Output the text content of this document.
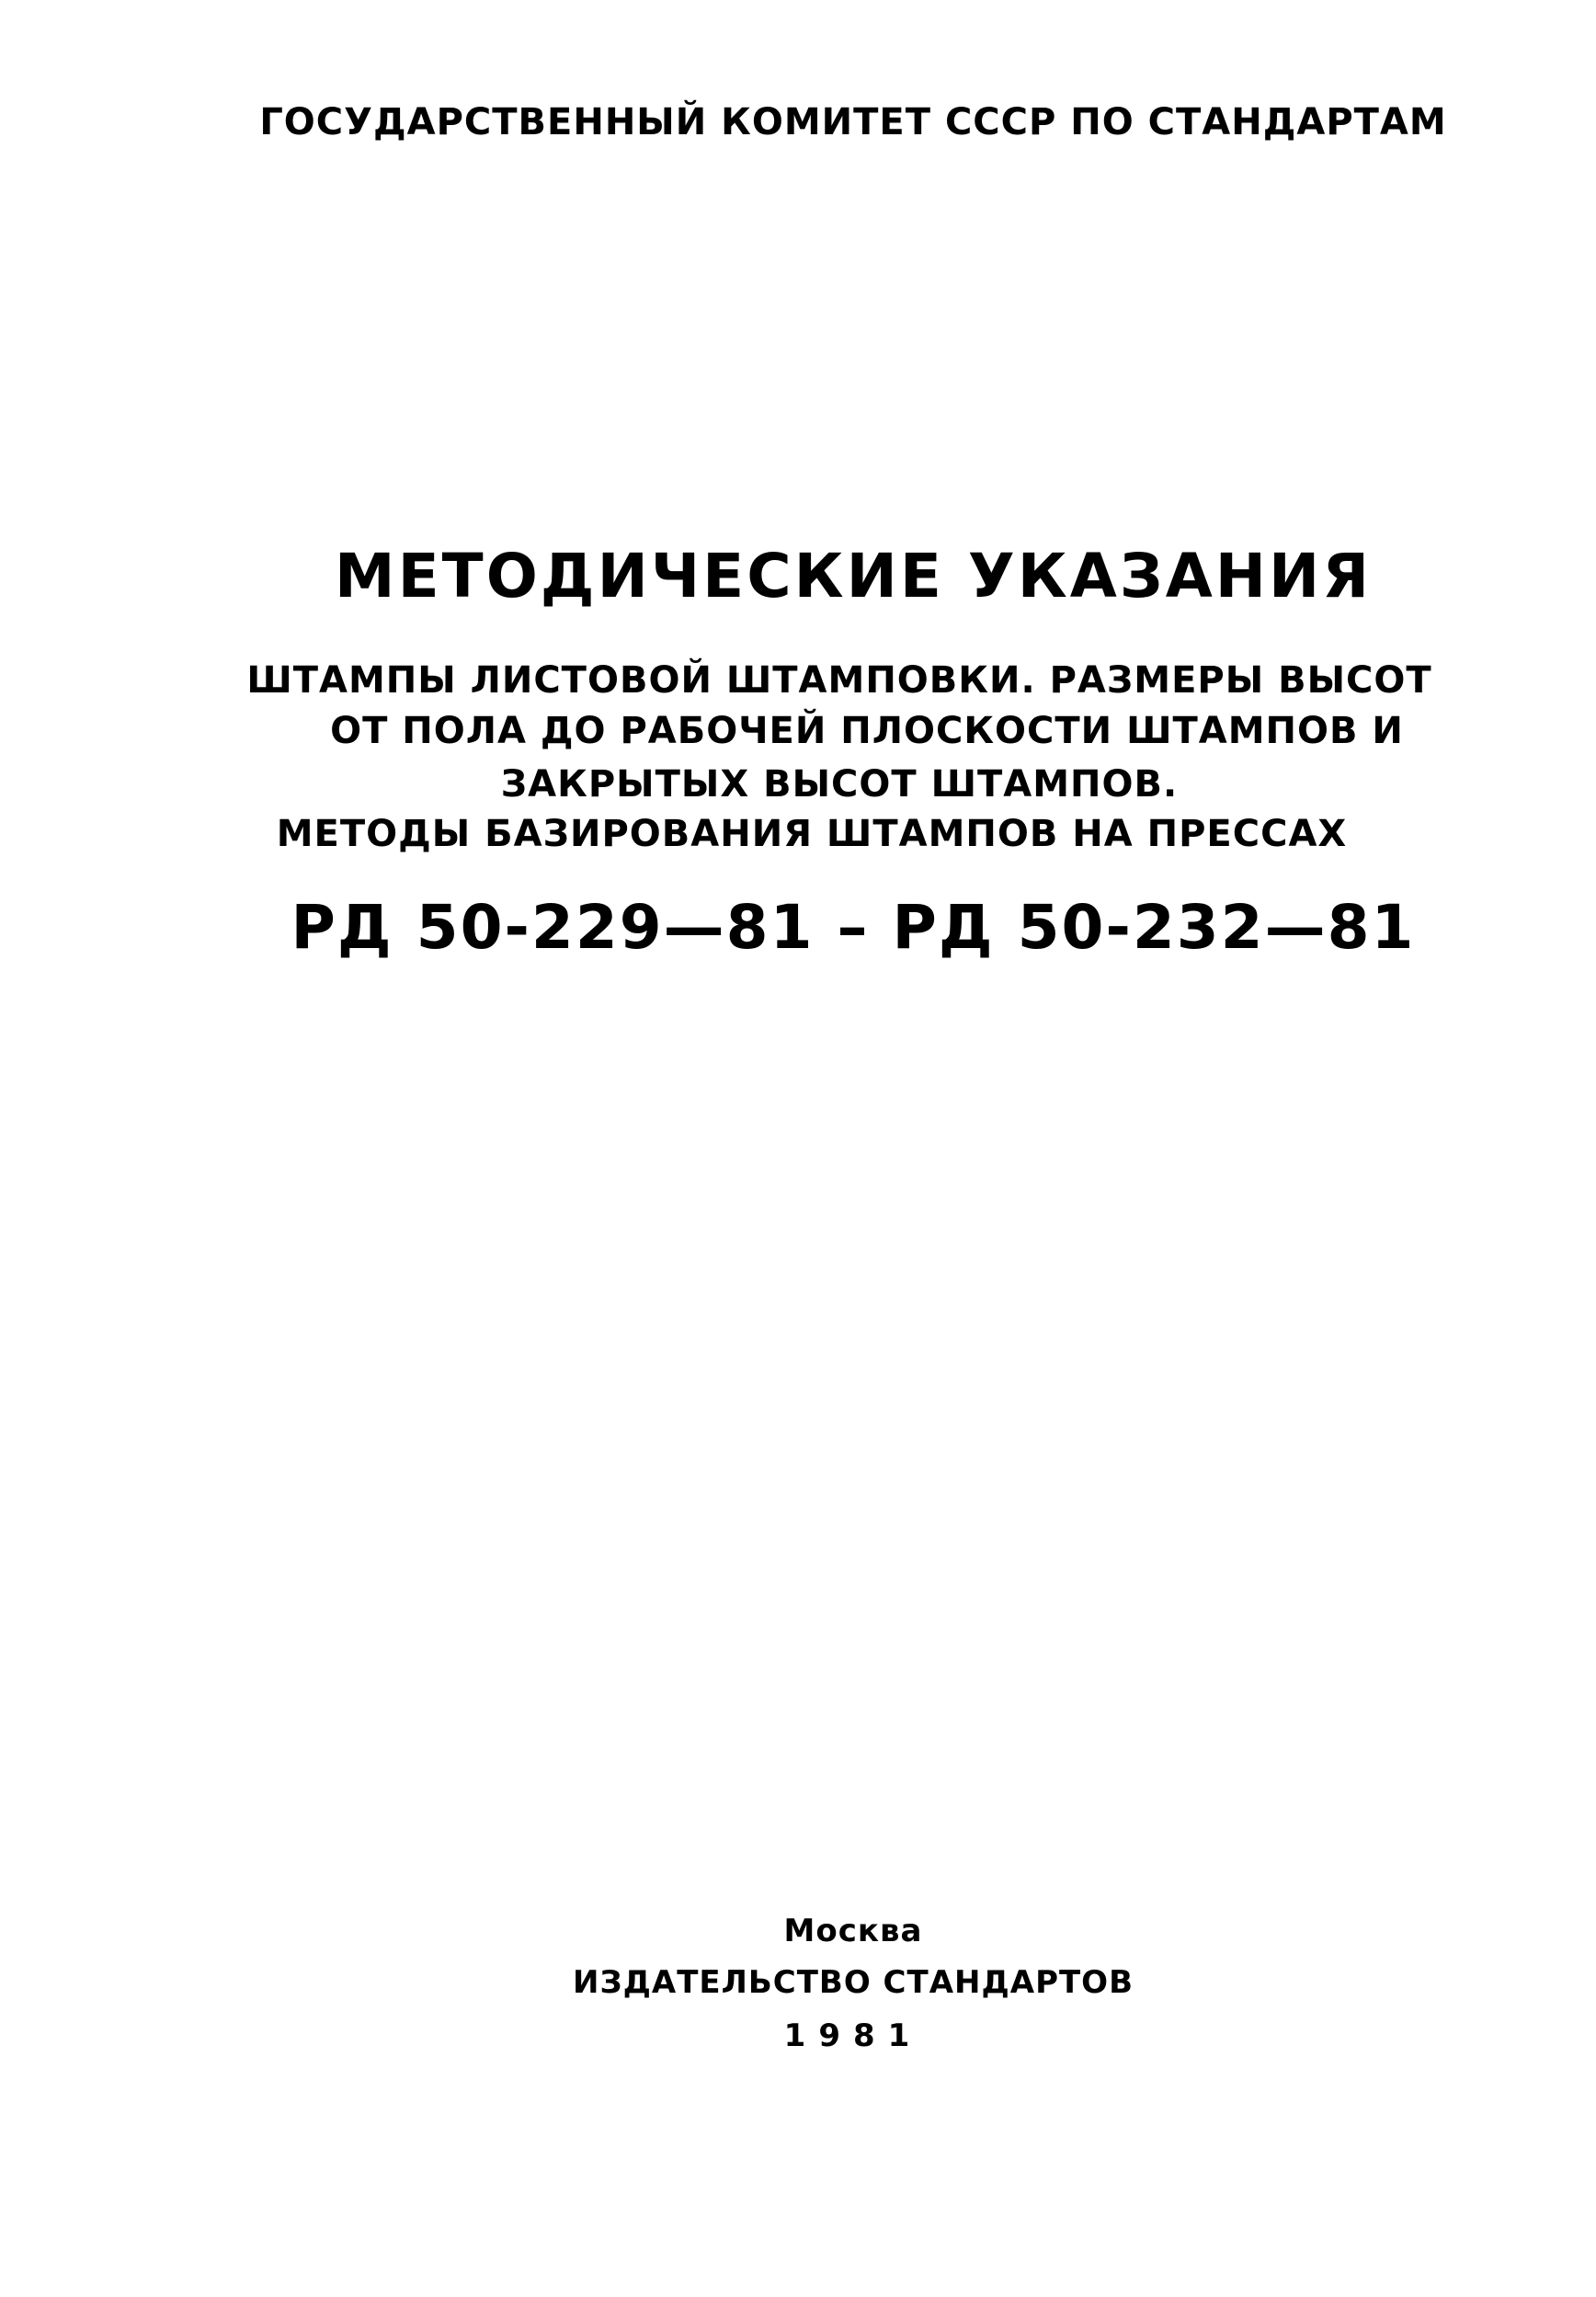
ГОСУДАРСТВЕННЫЙ КОМИТЕТ СССР ПО СТАНДАРТАМ
МЕТОДИЧЕСКИЕ УКАЗАНИЯ
ШТАМПЫ ЛИСТОВОЙ ШТАМПОВКИ. РАЗМЕРЫ ВЫСОТ
ОТ ПОЛА ДО РАБОЧЕЙ ПЛОСКОСТИ ШТАМПОВ И
ЗАКРЫТЫХ ВЫСОТ ШТАМПОВ.
МЕТОДЫ БАЗИРОВАНИЯ ШТАМПОВ НА ПРЕССАХ
РД 50-229—81 – РД 50-232—81
Москва
ИЗДАТЕЛЬСТВО СТАНДАРТОВ
1981
